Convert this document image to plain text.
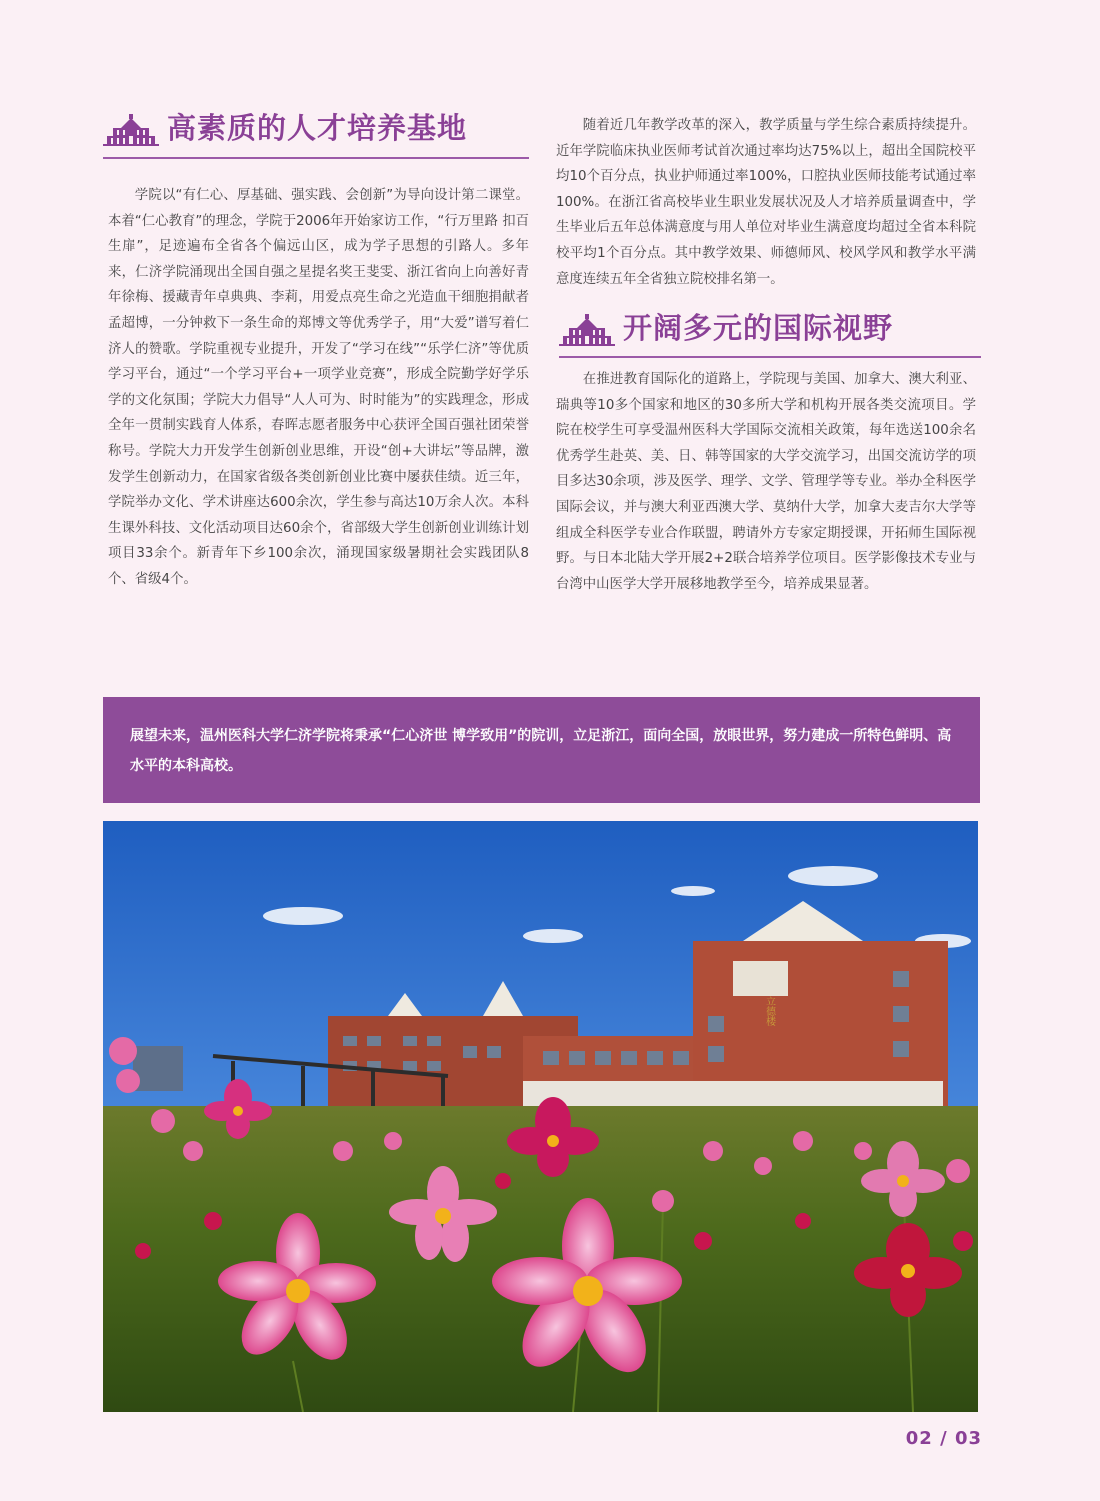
高素质的人才培养基地

学院以“有仁心、厚基础、强实践、会创新”为导向设计第二课堂。本着“仁心教育”的理念，学院于2006年开始家访工作，“行万里路 扣百生扉”，足迹遍布全省各个偏远山区，成为学子思想的引路人。多年来，仁济学院涌现出全国自强之星提名奖王斐雯、浙江省向上向善好青年徐梅、援藏青年卓典典、李莉，用爱点亮生命之光造血干细胞捐献者孟超博，一分钟救下一条生命的郑博文等优秀学子，用“大爱”谱写着仁济人的赞歌。学院重视专业提升，开发了“学习在线”“乐学仁济”等优质学习平台，通过“一个学习平台+一项学业竞赛”，形成全院勤学好学乐学的文化氛围；学院大力倡导“人人可为、时时能为”的实践理念，形成全年一贯制实践育人体系，春晖志愿者服务中心获评全国百强社团荣誉称号。学院大力开发学生创新创业思维，开设“创+大讲坛”等品牌，激发学生创新动力，在国家省级各类创新创业比赛中屡获佳绩。近三年，学院举办文化、学术讲座达600余次，学生参与高达10万余人次。本科生课外科技、文化活动项目达60余个，省部级大学生创新创业训练计划项目33余个。新青年下乡100余次，涌现国家级暑期社会实践团队8个、省级4个。

随着近几年教学改革的深入，教学质量与学生综合素质持续提升。近年学院临床执业医师考试首次通过率均达75%以上，超出全国院校平均10个百分点，执业护师通过率100%，口腔执业医师技能考试通过率100%。在浙江省高校毕业生职业发展状况及人才培养质量调查中，学生毕业后五年总体满意度与用人单位对毕业生满意度均超过全省本科院校平均1个百分点。其中教学效果、师德师风、校风学风和教学水平满意度连续五年全省独立院校排名第一。

开阔多元的国际视野

在推进教育国际化的道路上，学院现与美国、加拿大、澳大利亚、瑞典等10多个国家和地区的30多所大学和机构开展各类交流项目。学院在校学生可享受温州医科大学国际交流相关政策，每年选送100余名优秀学生赴英、美、日、韩等国家的大学交流学习，出国交流访学的项目多达30余项，涉及医学、理学、文学、管理学等专业。举办全科医学国际会议，并与澳大利亚西澳大学、莫纳什大学，加拿大麦吉尔大学等组成全科医学专业合作联盟，聘请外方专家定期授课，开拓师生国际视野。与日本北陆大学开展2+2联合培养学位项目。医学影像技术专业与台湾中山医学大学开展移地教学至今，培养成果显著。

展望未来，温州医科大学仁济学院将秉承“仁心济世 博学致用”的院训，立足浙江，面向全国，放眼世界，努力建成一所特色鲜明、高水平的本科高校。

立德楼
02 / 03
